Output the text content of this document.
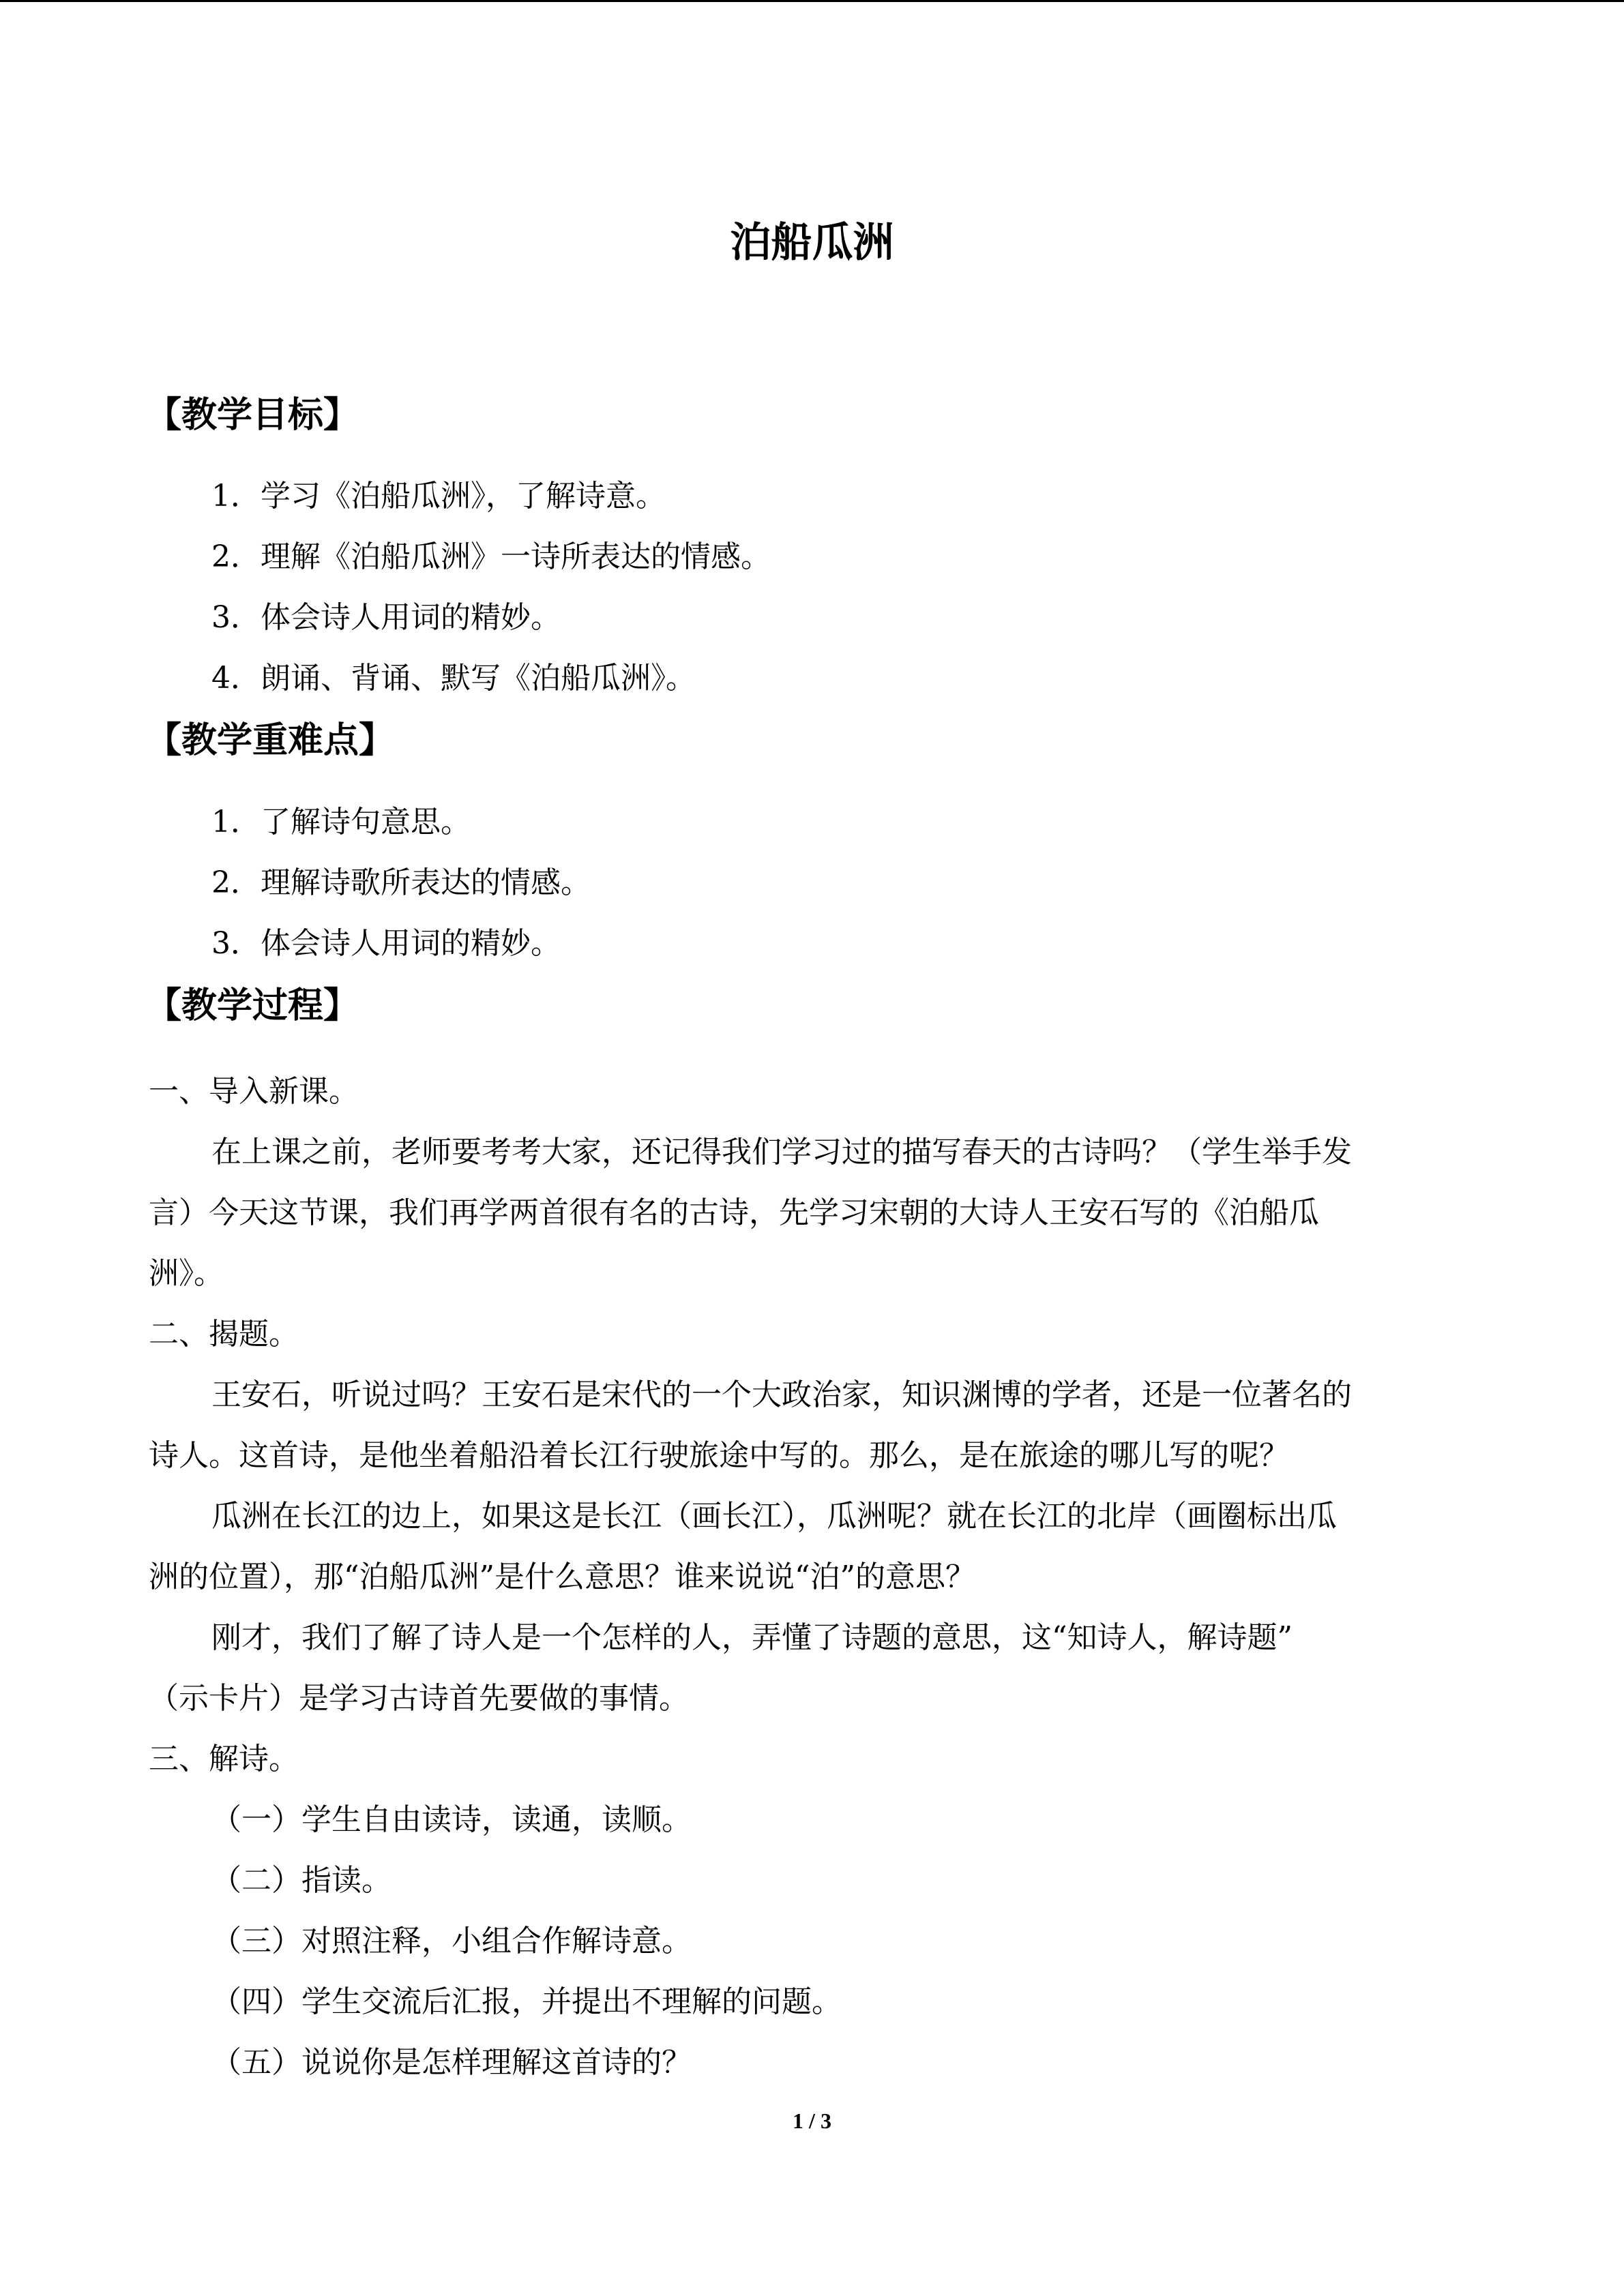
泊船瓜洲
【教学目标】
1．学习《泊船瓜洲》，了解诗意。
2．理解《泊船瓜洲》一诗所表达的情感。
3．体会诗人用词的精妙。
4．朗诵、背诵、默写《泊船瓜洲》。
【教学重难点】
1．了解诗句意思。
2．理解诗歌所表达的情感。
3．体会诗人用词的精妙。
【教学过程】
一、导入新课。
在上课之前，老师要考考大家，还记得我们学习过的描写春天的古诗吗？（学生举手发
言）今天这节课，我们再学两首很有名的古诗，先学习宋朝的大诗人王安石写的《泊船瓜
洲》。
二、揭题。
王安石，听说过吗？王安石是宋代的一个大政治家，知识渊博的学者，还是一位著名的
诗人。这首诗，是他坐着船沿着长江行驶旅途中写的。那么，是在旅途的哪儿写的呢？
瓜洲在长江的边上，如果这是长江（画长江），瓜洲呢？就在长江的北岸（画圈标出瓜
洲的位置），那“泊船瓜洲”是什么意思？谁来说说“泊”的意思？
刚才，我们了解了诗人是一个怎样的人，弄懂了诗题的意思，这“知诗人，解诗题”
（示卡片）是学习古诗首先要做的事情。
三、解诗。
（一）学生自由读诗，读通，读顺。
（二）指读。
（三）对照注释，小组合作解诗意。
（四）学生交流后汇报，并提出不理解的问题。
（五）说说你是怎样理解这首诗的？
1 / 3
